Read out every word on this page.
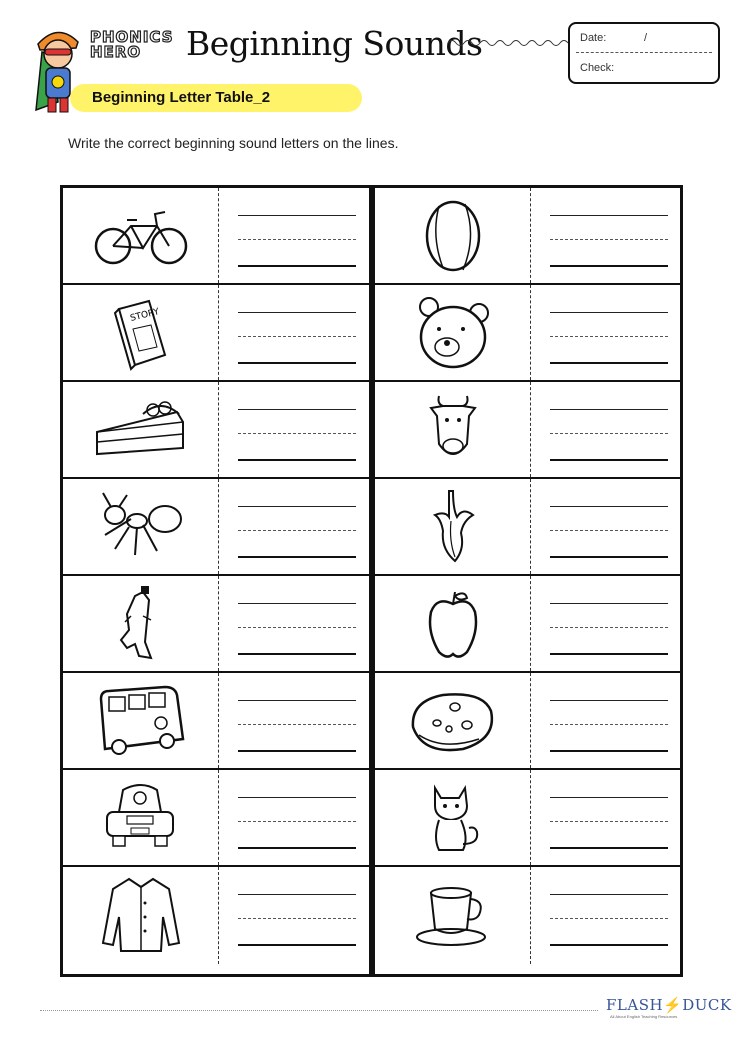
PHONICS
HERO	Beginning Sounds	Date:	/
Check:
Beginning Letter Table_2
Write the correct beginning sound letters on the lines.
STORY
FLASH⚡DUCK
All About English Teaching Resources
